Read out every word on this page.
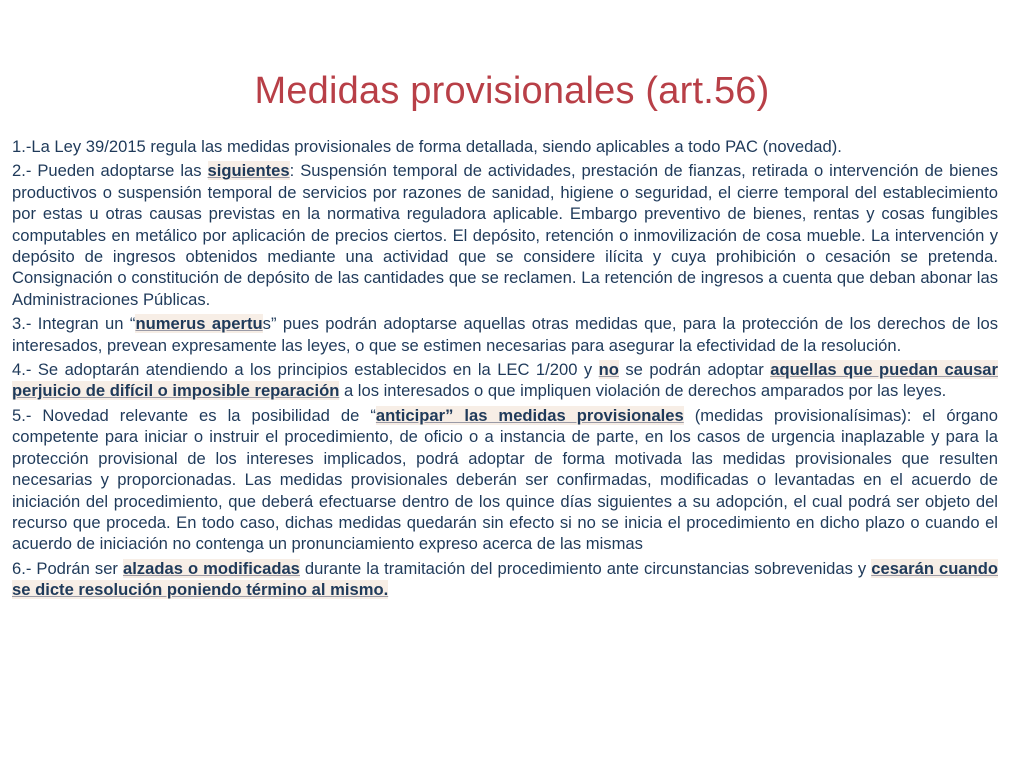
Medidas provisionales (art.56)

1.-La Ley 39/2015 regula las medidas provisionales de forma detallada, siendo aplicables a todo PAC (novedad).

2.- Pueden adoptarse las siguientes: Suspensión temporal de actividades, prestación de fianzas, retirada o intervención de bienes productivos o suspensión temporal de servicios por razones de sanidad, higiene o seguridad, el cierre temporal del establecimiento por estas u otras causas previstas en la normativa reguladora aplicable. Embargo preventivo de bienes, rentas y cosas fungibles computables en metálico por aplicación de precios ciertos. El depósito, retención o inmovilización de cosa mueble. La intervención y depósito de ingresos obtenidos mediante una actividad que se considere ilícita y cuya prohibición o cesación se pretenda. Consignación o constitución de depósito de las cantidades que se reclamen. La retención de ingresos a cuenta que deban abonar las Administraciones Públicas.

3.- Integran un “numerus apertus” pues podrán adoptarse aquellas otras medidas que, para la protección de los derechos de los interesados, prevean expresamente las leyes, o que se estimen necesarias para asegurar la efectividad de la resolución.

4.- Se adoptarán atendiendo a los principios establecidos en la LEC 1/200 y no se podrán adoptar aquellas que puedan causar perjuicio de difícil o imposible reparación a los interesados o que impliquen violación de derechos amparados por las leyes.

5.- Novedad relevante es la posibilidad de “anticipar” las medidas provisionales (medidas provisionalísimas): el órgano competente para iniciar o instruir el procedimiento, de oficio o a instancia de parte, en los casos de urgencia inaplazable y para la protección provisional de los intereses implicados, podrá adoptar de forma motivada las medidas provisionales que resulten necesarias y proporcionadas. Las medidas provisionales deberán ser confirmadas, modificadas o levantadas en el acuerdo de iniciación del procedimiento, que deberá efectuarse dentro de los quince días siguientes a su adopción, el cual podrá ser objeto del recurso que proceda. En todo caso, dichas medidas quedarán sin efecto si no se inicia el procedimiento en dicho plazo o cuando el acuerdo de iniciación no contenga un pronunciamiento expreso acerca de las mismas

6.- Podrán ser alzadas o modificadas durante la tramitación del procedimiento ante circunstancias sobrevenidas y cesarán cuando se dicte resolución poniendo término al mismo.
